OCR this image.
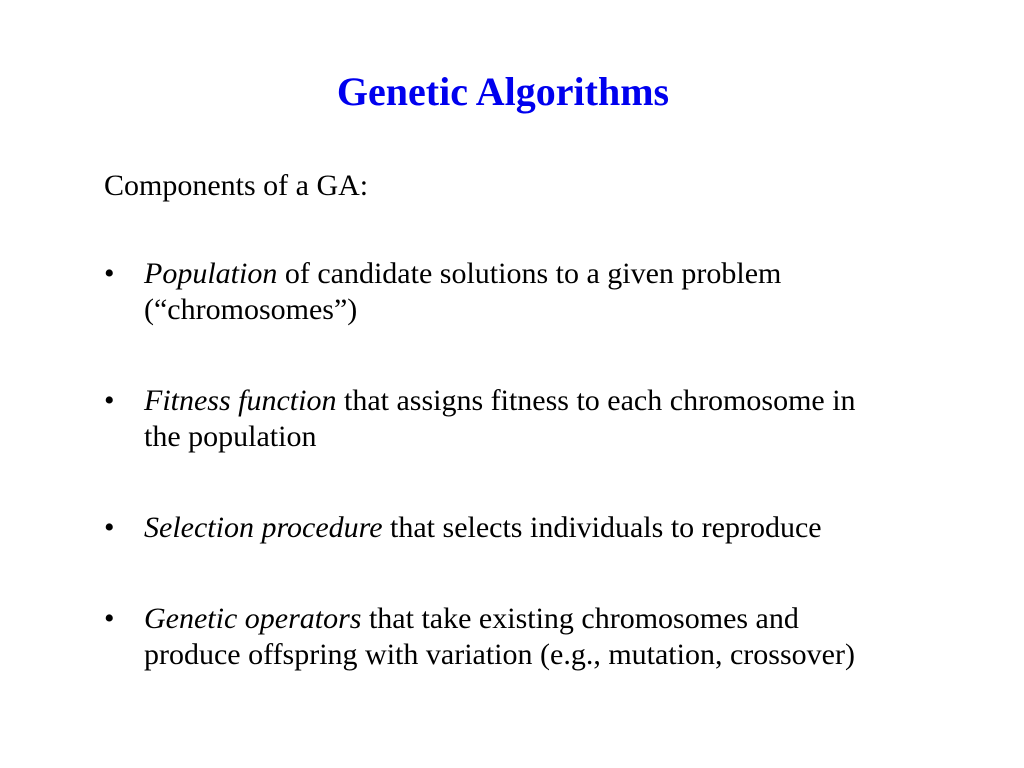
Genetic Algorithms

Components of a GA:

• Population of candidate solutions to a given problem
(“chromosomes”)
• Fitness function that assigns fitness to each chromosome in
the population
• Selection procedure that selects individuals to reproduce
• Genetic operators that take existing chromosomes and
produce offspring with variation (e.g., mutation, crossover)
